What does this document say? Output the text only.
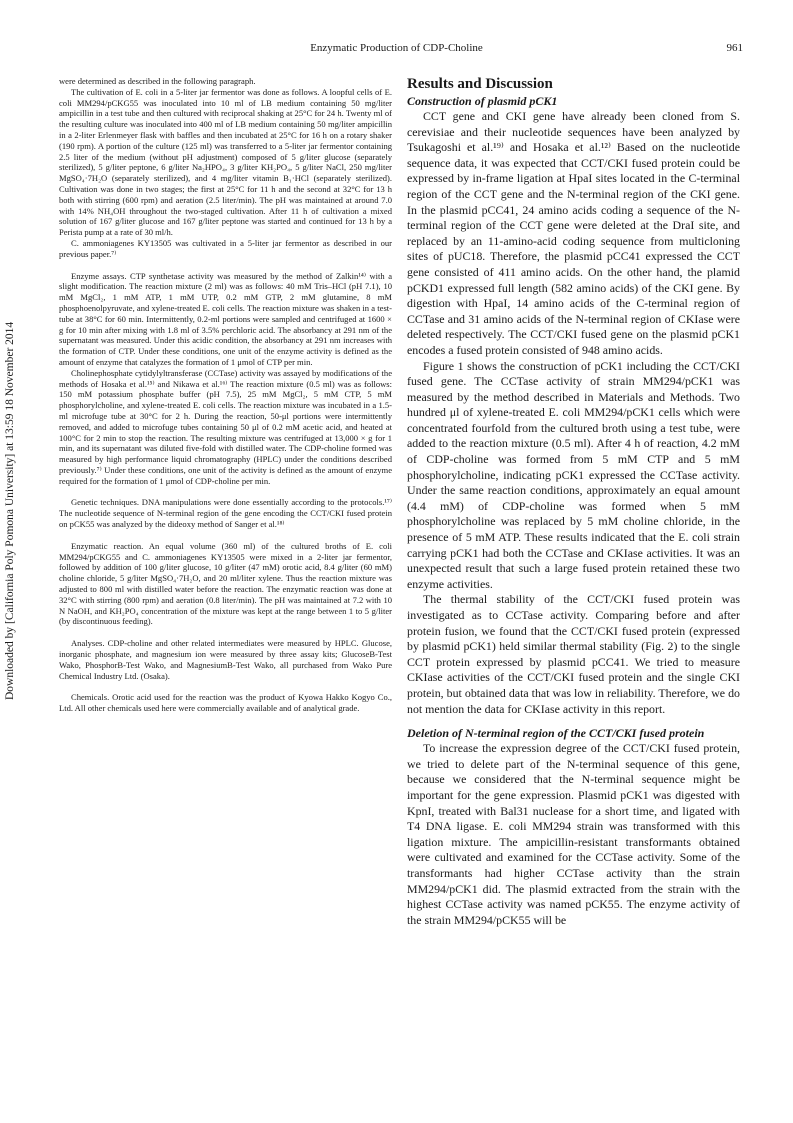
Enzymatic Production of CDP-Choline	961
Downloaded by [California Poly Pomona University] at 13:59 18 November 2014

were determined as described in the following paragraph.

The cultivation of E. coli in a 5-liter jar fermentor was done as follows. A loopful cells of E. coli MM294/pCKG55 was inoculated into 10 ml of LB medium containing 50 mg/liter ampicillin in a test tube and then cultured with reciprocal shaking at 25°C for 24 h. Twenty ml of the resulting culture was inoculated into 400 ml of LB medium containing 50 mg/liter ampicillin in a 2-liter Erlenmeyer flask with baffles and then incubated at 25°C for 16 h on a rotary shaker (190 rpm). A portion of the culture (125 ml) was transferred to a 5-liter jar fermentor containing 2.5 liter of the medium (without pH adjustment) composed of 5 g/liter glucose (separately sterilized), 5 g/liter peptone, 6 g/liter Na₂HPO₄, 3 g/liter KH₂PO₄, 5 g/liter NaCl, 250 mg/liter MgSO₄·7H₂O (separately sterilized), and 4 mg/liter vitamin B₁·HCl (separately sterilized). Cultivation was done in two stages; the first at 25°C for 11 h and the second at 32°C for 13 h both with stirring (600 rpm) and aeration (2.5 liter/min). The pH was maintained at around 7.0 with 14% NH₄OH throughout the two-staged cultivation. After 11 h of cultivation a mixed solution of 167 g/liter glucose and 167 g/liter peptone was started and continued for 13 h by a Perista pump at a rate of 30 ml/h.

C. ammoniagenes KY13505 was cultivated in a 5-liter jar fermentor as described in our previous paper.⁷⁾

Enzyme assays. CTP synthetase activity was measured by the method of Zalkin¹⁴⁾ with a slight modification. The reaction mixture (2 ml) was as follows: 40 mM Tris–HCl (pH 7.1), 10 mM MgCl₂, 1 mM ATP, 1 mM UTP, 0.2 mM GTP, 2 mM glutamine, 8 mM phosphoenolpyruvate, and xylene-treated E. coli cells. The reaction mixture was shaken in a test-tube at 38°C for 60 min. Intermittently, 0.2-ml portions were sampled and centrifuged at 1600 × g for 10 min after mixing with 1.8 ml of 3.5% perchloric acid. The absorbancy at 291 nm of the supernatant was measured. Under this acidic condition, the absorbancy at 291 nm increases with the formation of CTP. Under these conditions, one unit of the enzyme activity is defined as the amount of enzyme that catalyzes the formation of 1 μmol of CTP per min.

Cholinephosphate cytidylyltransferase (CCTase) activity was assayed by modifications of the methods of Hosaka et al.¹⁵⁾ and Nikawa et al.¹⁶⁾ The reaction mixture (0.5 ml) was as follows: 150 mM potassium phosphate buffer (pH 7.5), 25 mM MgCl₂, 5 mM CTP, 5 mM phosphorylcholine, and xylene-treated E. coli cells. The reaction mixture was incubated in a 1.5-ml microfuge tube at 30°C for 2 h. During the reaction, 50-μl portions were intermittently removed, and added to microfuge tubes containing 50 μl of 0.2 mM acetic acid, and heated at 100°C for 2 min to stop the reaction. The resulting mixture was centrifuged at 13,000 × g for 1 min, and its supernatant was diluted five-fold with distilled water. The CDP-choline formed was measured by high performance liquid chromatography (HPLC) under the conditions described previously.⁷⁾ Under these conditions, one unit of the activity is defined as the amount of enzyme required for the formation of 1 μmol of CDP-choline per min.

Genetic techniques. DNA manipulations were done essentially according to the protocols.¹⁷⁾ The nucleotide sequence of N-terminal region of the gene encoding the CCT/CKI fused protein on pCK55 was analyzed by the dideoxy method of Sanger et al.¹⁸⁾

Enzymatic reaction. An equal volume (360 ml) of the cultured broths of E. coli MM294/pCKG55 and C. ammoniagenes KY13505 were mixed in a 2-liter jar fermentor, followed by addition of 100 g/liter glucose, 10 g/liter (47 mM) orotic acid, 8.4 g/liter (60 mM) choline chloride, 5 g/liter MgSO₄·7H₂O, and 20 ml/liter xylene. Thus the reaction mixture was adjusted to 800 ml with distilled water before the reaction. The enzymatic reaction was done at 32°C with stirring (800 rpm) and aeration (0.8 liter/min). The pH was maintained at 7.2 with 10 N NaOH, and KH₂PO₄ concentration of the mixture was kept at the range between 1 to 5 g/liter (by discontinuous feeding).

Analyses. CDP-choline and other related intermediates were measured by HPLC. Glucose, inorganic phosphate, and magnesium ion were measured by three assay kits; GlucoseB-Test Wako, PhosphorB-Test Wako, and MagnesiumB-Test Wako, all purchased from Wako Pure Chemical Industry Ltd. (Osaka).

Chemicals. Orotic acid used for the reaction was the product of Kyowa Hakko Kogyo Co., Ltd. All other chemicals used here were commercially available and of analytical grade.

Results and Discussion
Construction of plasmid pCK1

CCT gene and CKI gene have already been cloned from S. cerevisiae and their nucleotide sequences have been analyzed by Tsukagoshi et al.¹⁹⁾ and Hosaka et al.¹²⁾ Based on the nucleotide sequence data, it was expected that CCT/CKI fused protein could be expressed by in-frame ligation at HpaI sites located in the C-terminal region of the CCT gene and the N-terminal region of the CKI gene. In the plasmid pCC41, 24 amino acids coding a sequence of the N-terminal region of the CCT gene were deleted at the DraI site, and replaced by an 11-amino-acid coding sequence from multicloning sites of pUC18. Therefore, the plasmid pCC41 expressed the CCT gene consisted of 411 amino acids. On the other hand, the plamid pCKD1 expressed full length (582 amino acids) of the CKI gene. By digestion with HpaI, 14 amino acids of the C-terminal region of CCTase and 31 amino acids of the N-terminal region of CKIase were deleted respectively. The CCT/CKI fused gene on the plasmid pCK1 encodes a fused protein consisted of 948 amino acids.

Figure 1 shows the construction of pCK1 including the CCT/CKI fused gene. The CCTase activity of strain MM294/pCK1 was measured by the method described in Materials and Methods. Two hundred μl of xylene-treated E. coli MM294/pCK1 cells which were concentrated fourfold from the cultured broth using a test tube, were added to the reaction mixture (0.5 ml). After 4 h of reaction, 4.2 mM of CDP-choline was formed from 5 mM CTP and 5 mM phosphorylcholine, indicating pCK1 expressed the CCTase activity. Under the same reaction conditions, approximately an equal amount (4.4 mM) of CDP-choline was formed when 5 mM phosphorylcholine was replaced by 5 mM choline chloride, in the presence of 5 mM ATP. These results indicated that the E. coli strain carrying pCK1 had both the CCTase and CKIase activities. It was an unexpected result that such a large fused protein retained these two enzyme activities.

The thermal stability of the CCT/CKI fused protein was investigated as to CCTase activity. Comparing before and after protein fusion, we found that the CCT/CKI fused protein (expressed by plasmid pCK1) held similar thermal stability (Fig. 2) to the single CCT protein expressed by plasmid pCC41. We tried to measure CKIase activities of the CCT/CKI fused protein and the single CKI protein, but obtained data that was low in reliability. Therefore, we do not mention the data for CKIase activity in this report.

Deletion of N-terminal region of the CCT/CKI fused protein

To increase the expression degree of the CCT/CKI fused protein, we tried to delete part of the N-terminal sequence of this gene, because we considered that the N-terminal sequence might be important for the gene expression. Plasmid pCK1 was digested with KpnI, treated with Bal31 nuclease for a short time, and ligated with T4 DNA ligase. E. coli MM294 strain was transformed with this ligation mixture. The ampicillin-resistant transformants obtained were cultivated and examined for the CCTase activity. Some of the transformants had higher CCTase activity than the strain MM294/pCK1 did. The plasmid extracted from the strain with the highest CCTase activity was named pCK55. The enzyme activity of the strain MM294/pCK55 will be
